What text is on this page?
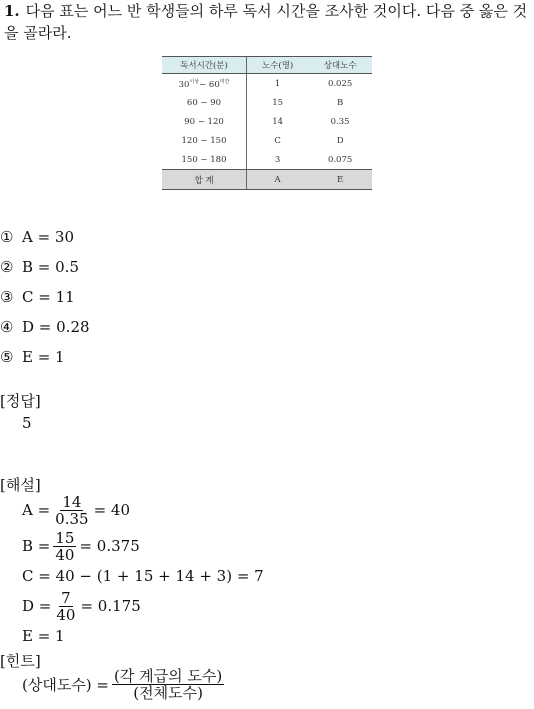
1. 다음 표는 어느 반 학생들의 하루 독서 시간을 조사한 것이다. 다음 중 옳은 것을 골라라.
독서시간(분)	노수(명)	상대노수
$30^{이상}\sim$ $60^{미만}$	1	0.025
60 ~ 90	15	B
90 ~ 120	14	0.35
120 ~ 150	C	D
150 ~ 180	3	0.075
합 계	A	E
① A = 30
② B = 0.5
③ C = 11
④ D = 0.28
⑤ E = 1
[정답]
5
[해설]
$A = \frac{14}{0.35} = 40$
$B = \frac{15}{40} = 0.375$
C = 40 − (1 + 15 + 14 + 3) = 7
$D = \frac{7}{40} = 0.175$
E = 1
[힌트]
(상대도수) = $\frac{\text{(각 계급의 도수)}}{\text{(전체도수)}}$
